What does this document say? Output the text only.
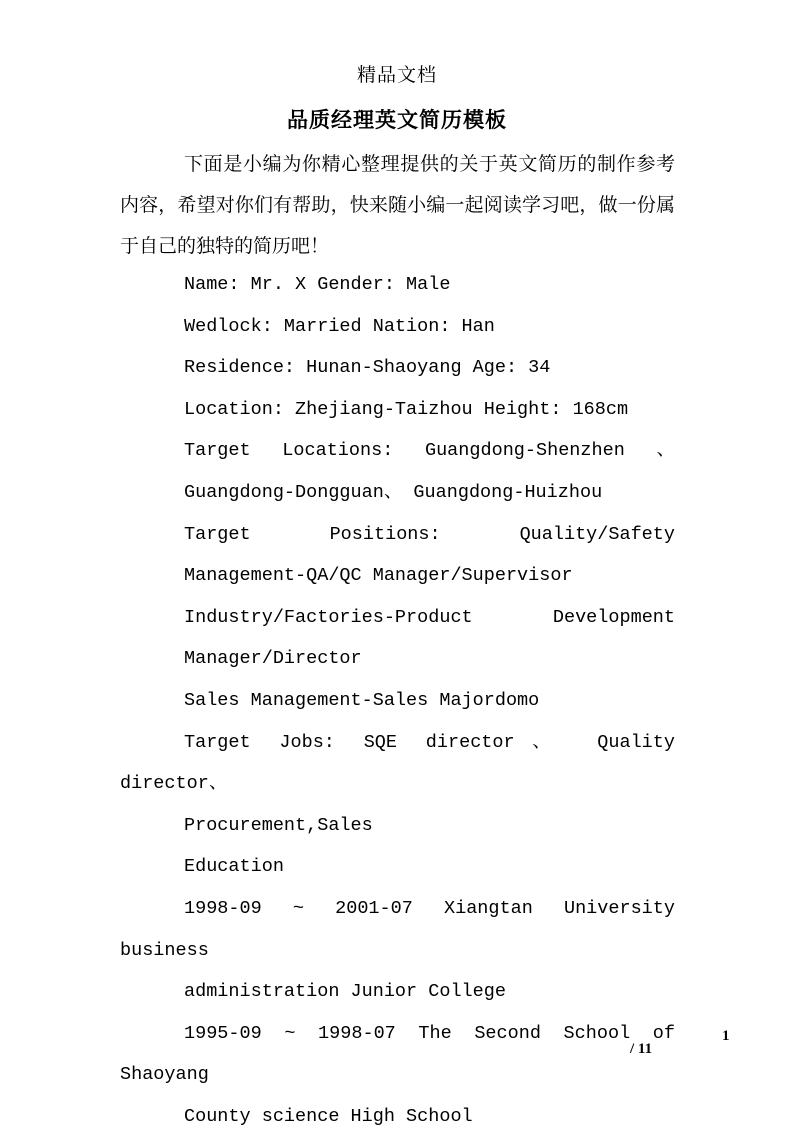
精品文档
品质经理英文简历模板
下面是小编为你精心整理提供的关于英文简历的制作参考内容，希望对你们有帮助，快来随小编一起阅读学习吧，做一份属于自己的独特的简历吧！

Name: Mr. X Gender: Male

Wedlock: Married Nation: Han

Residence: Hunan-Shaoyang Age: 34

Location: Zhejiang-Taizhou Height: 168cm

Target Locations: Guangdong-Shenzhen 、

Guangdong-Dongguan、 Guangdong-Huizhou

Target Positions: Quality/Safety

Management-QA/QC Manager/Supervisor

Industry/Factories-Product Development

Manager/Director

Sales Management-Sales Majordomo

Target Jobs: SQE director、 Quality director、

Procurement,Sales

Education

1998-09 ~ 2001-07 Xiangtan University business

administration Junior College

1995-09 ~ 1998-07 The Second School of Shaoyang

County science High School

1
/ 11
